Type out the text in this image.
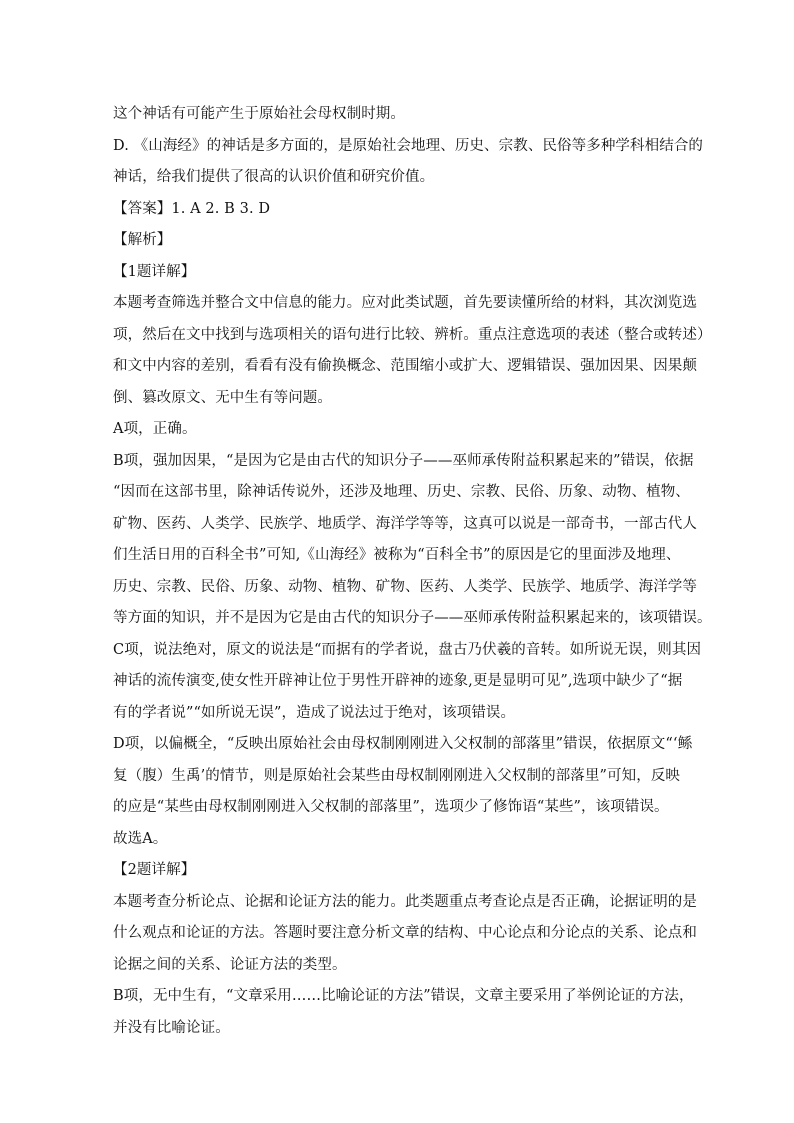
这个神话有可能产生于原始社会母权制时期。
D. 《山海经》的神话是多方面的，是原始社会地理、历史、宗教、民俗等多种学科相结合的
神话，给我们提供了很高的认识价值和研究价值。
【答案】1. A 2. B 3. D
【解析】
【1题详解】
本题考查筛选并整合文中信息的能力。应对此类试题，首先要读懂所给的材料，其次浏览选
项，然后在文中找到与选项相关的语句进行比较、辨析。重点注意选项的表述（整合或转述）
和文中内容的差别，看看有没有偷换概念、范围缩小或扩大、逻辑错误、强加因果、因果颠
倒、篡改原文、无中生有等问题。
A项，正确。
B项，强加因果，“是因为它是由古代的知识分子——巫师承传附益积累起来的”错误，依据
“因而在这部书里，除神话传说外，还涉及地理、历史、宗教、民俗、历象、动物、植物、
矿物、医药、人类学、民族学、地质学、海洋学等等，这真可以说是一部奇书，一部古代人
们生活日用的百科全书”可知,《山海经》被称为“百科全书”的原因是它的里面涉及地理、
历史、宗教、民俗、历象、动物、植物、矿物、医药、人类学、民族学、地质学、海洋学等
等方面的知识，并不是因为它是由古代的知识分子——巫师承传附益积累起来的，该项错误。
C项，说法绝对，原文的说法是“而据有的学者说，盘古乃伏羲的音转。如所说无误，则其因
神话的流传演变,使女性开辟神让位于男性开辟神的迹象,更是显明可见”,选项中缺少了“据
有的学者说”“如所说无误”，造成了说法过于绝对，该项错误。
D项，以偏概全，“反映出原始社会由母权制刚刚进入父权制的部落里”错误，依据原文“‘鲧
复（腹）生禹’的情节，则是原始社会某些由母权制刚刚进入父权制的部落里”可知，反映
的应是“某些由母权制刚刚进入父权制的部落里”，选项少了修饰语“某些”，该项错误。
故选A。
【2题详解】
本题考查分析论点、论据和论证方法的能力。此类题重点考查论点是否正确，论据证明的是
什么观点和论证的方法。答题时要注意分析文章的结构、中心论点和分论点的关系、论点和
论据之间的关系、论证方法的类型。
B项，无中生有，“文章采用……比喻论证的方法”错误，文章主要采用了举例论证的方法，
并没有比喻论证。
